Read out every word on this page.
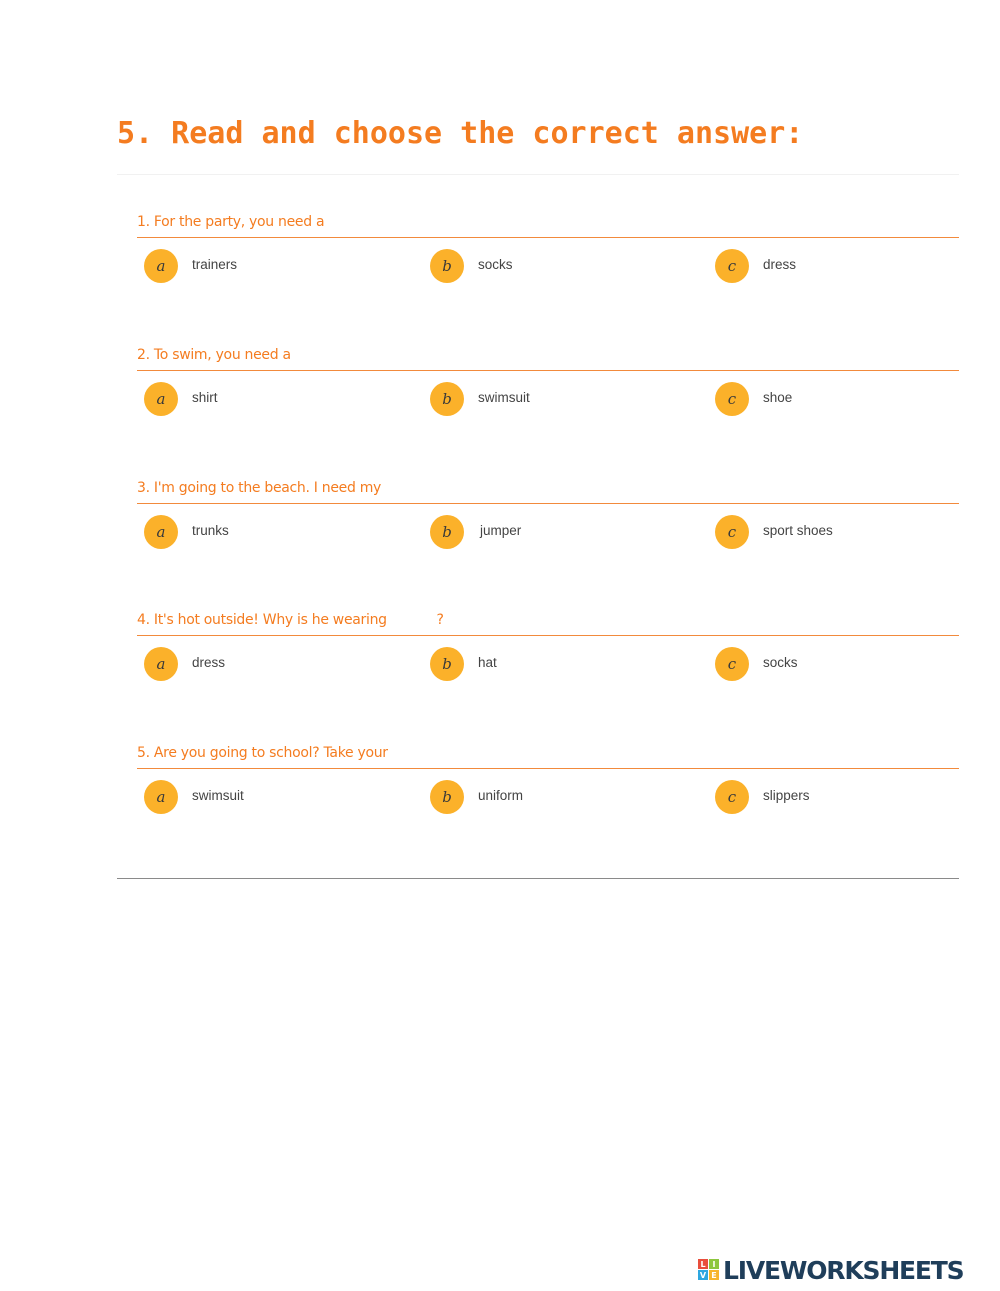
5. Read and choose the correct answer:
1. For the party, you need a
a	trainers	b	socks	c	dress
2. To swim, you need a
a	shirt	b	swimsuit	c	shoe
3. I'm going to the beach. I need my
a	trunks	b	jumper	c	sport shoes
4. It's hot outside! Why is he wearing            ?
a	dress	b	hat	c	socks
5. Are you going to school? Take your
a	swimsuit	b	uniform	c	slippers
L I
V E LIVEWORKSHEETS
